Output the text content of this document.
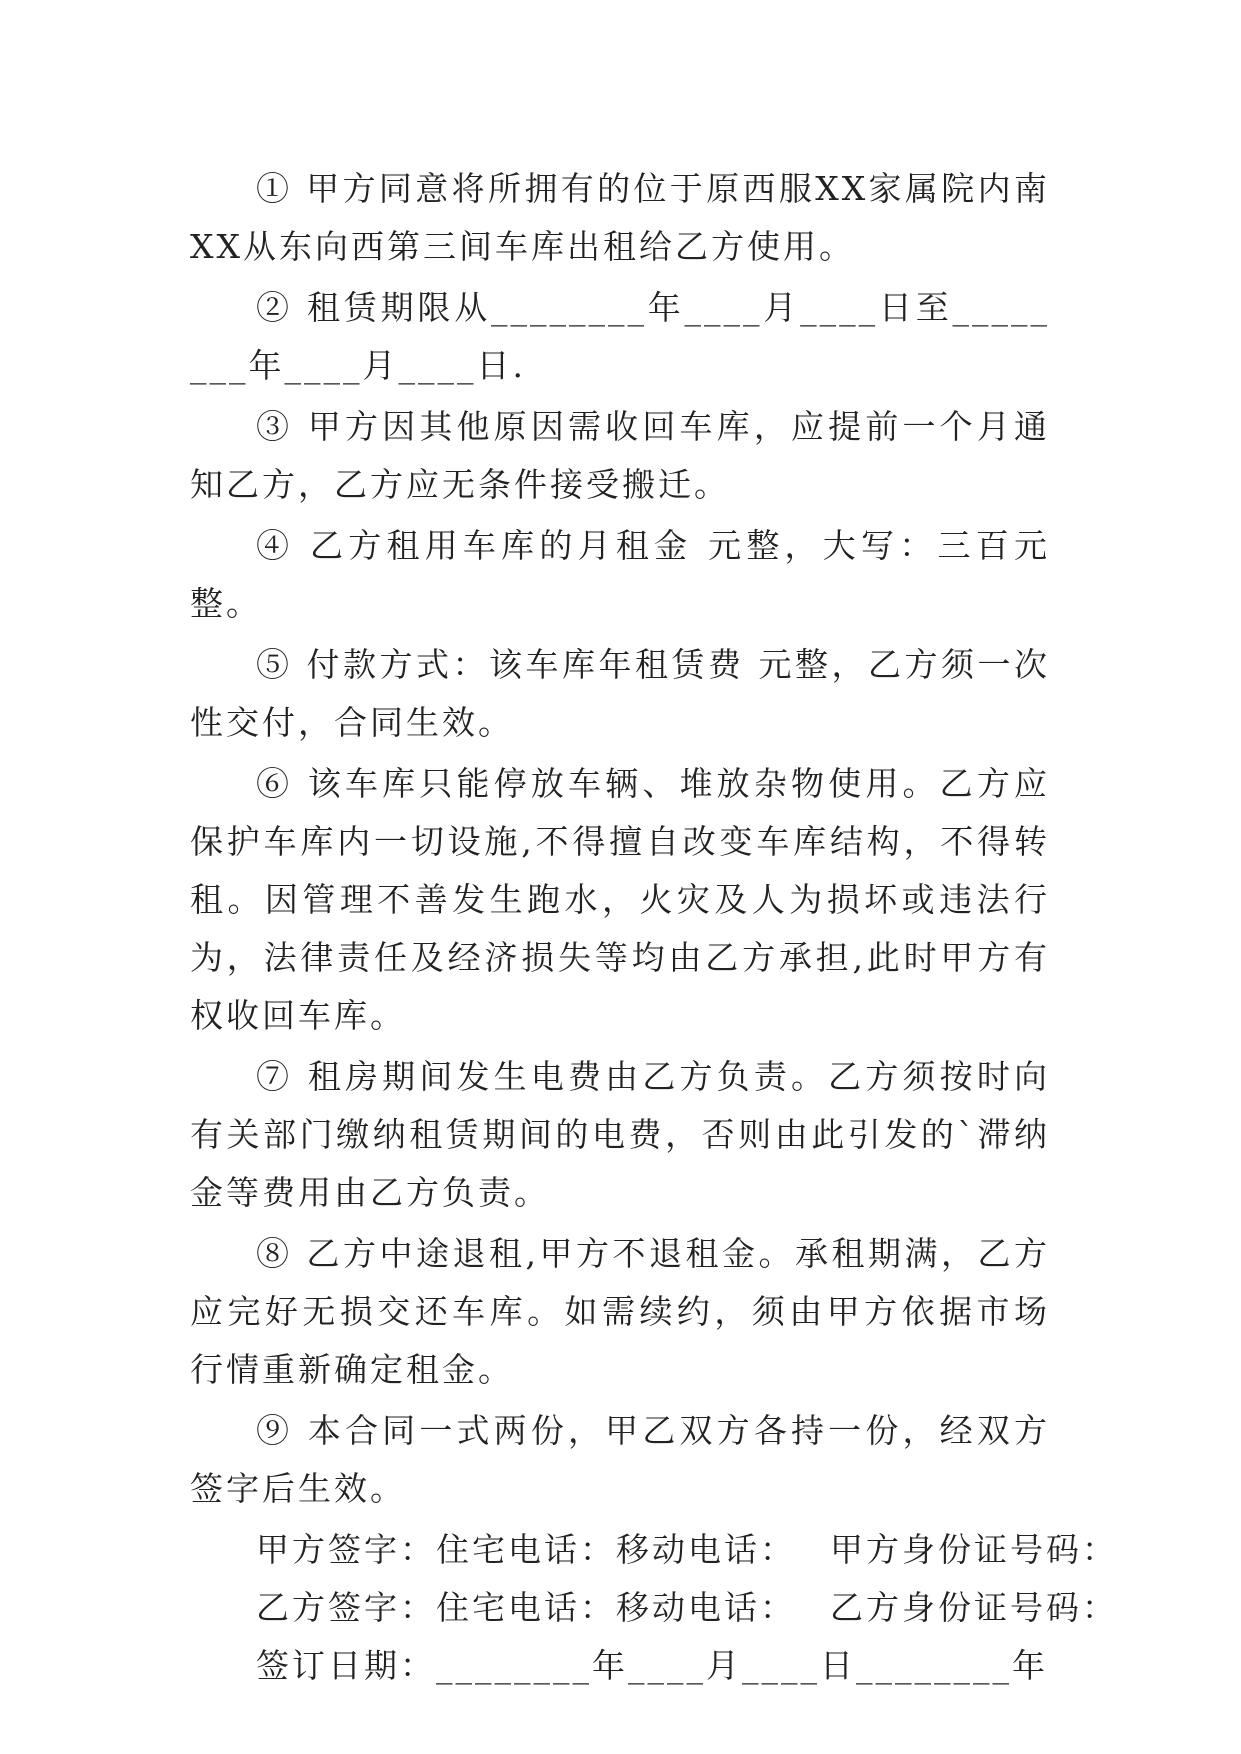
① 甲方同意将所拥有的位于原西服XX家属院内南XX从东向西第三间车库出租给乙方使用。

② 租赁期限从________年____月____日至________年____月____日.

③ 甲方因其他原因需收回车库，应提前一个月通知乙方，乙方应无条件接受搬迁。

④ 乙方租用车库的月租金 元整，大写：三百元整。

⑤ 付款方式：该车库年租赁费 元整，乙方须一次性交付，合同生效。

⑥ 该车库只能停放车辆、堆放杂物使用。乙方应保护车库内一切设施,不得擅自改变车库结构，不得转租。因管理不善发生跑水，火灾及人为损坏或违法行为，法律责任及经济损失等均由乙方承担,此时甲方有权收回车库。

⑦ 租房期间发生电费由乙方负责。乙方须按时向有关部门缴纳租赁期间的电费，否则由此引发的`滞纳金等费用由乙方负责。

⑧ 乙方中途退租,甲方不退租金。承租期满，乙方应完好无损交还车库。如需续约，须由甲方依据市场行情重新确定租金。

⑨ 本合同一式两份，甲乙双方各持一份，经双方签字后生效。

甲方签字：住宅电话：移动电话： 甲方身份证号码：

乙方签字：住宅电话：移动电话： 乙方身份证号码：

签订日期：________年____月____日________年
